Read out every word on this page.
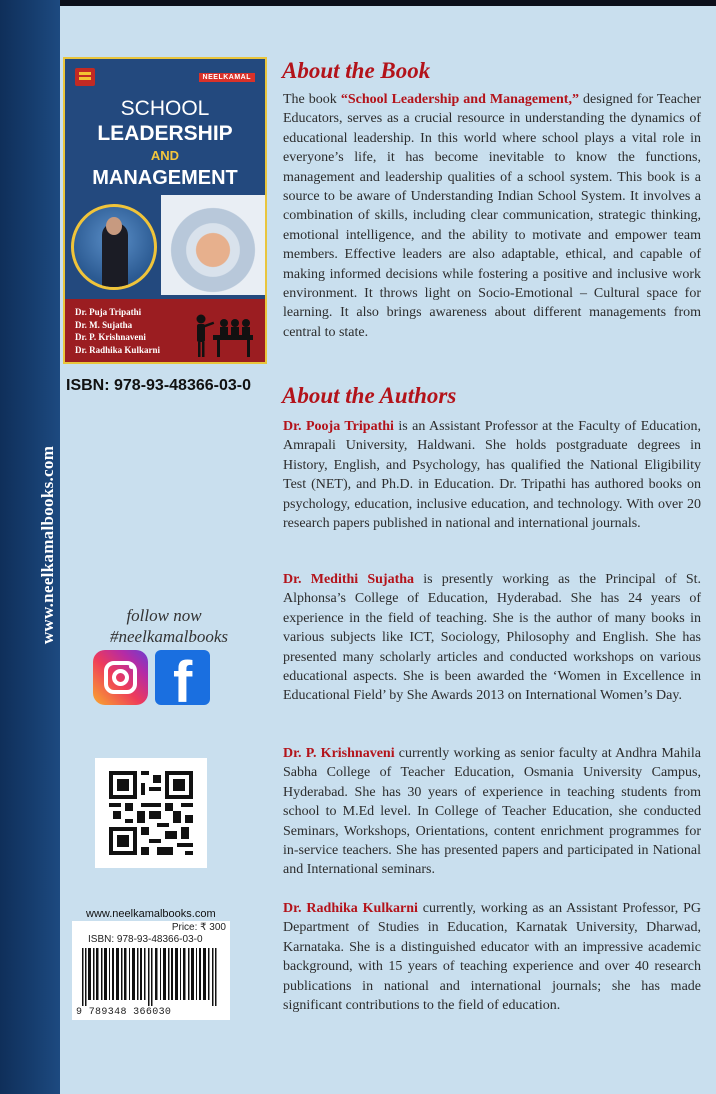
www.neelkamalbooks.com
NEELKAMAL
SCHOOL
LEADERSHIP
AND
MANAGEMENT
Dr. Puja Tripathi
Dr. M. Sujatha
Dr. P. Krishnaveni
Dr. Radhika Kulkarni
ISBN: 978-93-48366-03-0
follow now
#neelkamalbooks
f
www.neelkamalbooks.com
Price: ₹ 300
ISBN: 978-93-48366-03-0
9 789348 366030
About the Book

The book “School Leadership and Management,” designed for Teacher Educators, serves as a crucial resource in understanding the dynamics of educational leadership. In this world where school plays a vital role in everyone’s life, it has become inevitable to know the functions, management and leadership qualities of a school system. This book is a source to be aware of Understanding Indian School System. It involves a combination of skills, including clear communication, strategic thinking, emotional intelligence, and the ability to motivate and empower team members. Effective leaders are also adaptable, ethical, and capable of making informed decisions while fostering a positive and inclusive work environment. It throws light on Socio-Emotional – Cultural space for learning. It also brings awareness about different managements from central to state.

About the Authors

Dr. Pooja Tripathi is an Assistant Professor at the Faculty of Education, Amrapali University, Haldwani. She holds postgraduate degrees in History, English, and Psychology, has qualified the National Eligibility Test (NET), and Ph.D. in Education. Dr. Tripathi has authored books on psychology, education, inclusive education, and technology. With over 20 research papers published in national and international journals.

Dr. Medithi Sujatha is presently working as the Principal of St. Alphonsa’s College of Education, Hyderabad. She has 24 years of experience in the field of teaching. She is the author of many books in various subjects like ICT, Sociology, Philosophy and English. She has presented many scholarly articles and conducted workshops on various educational aspects. She is been awarded the ‘Women in Excellence in Educational Field’ by She Awards 2013 on International Women’s Day.

Dr. P. Krishnaveni currently working as senior faculty at Andhra Mahila Sabha College of Teacher Education, Osmania University Campus, Hyderabad. She has 30 years of experience in teaching students from school to M.Ed level. In College of Teacher Education, she conducted Seminars, Workshops, Orientations, content enrichment programmes for in-service teachers. She has presented papers and participated in National and International seminars.

Dr. Radhika Kulkarni currently, working as an Assistant Professor, PG Department of Studies in Education, Karnatak University, Dharwad, Karnataka. She is a distinguished educator with an impressive academic background, with 15 years of teaching experience and over 40 research publications in national and international journals; she has made significant contributions to the field of education.
